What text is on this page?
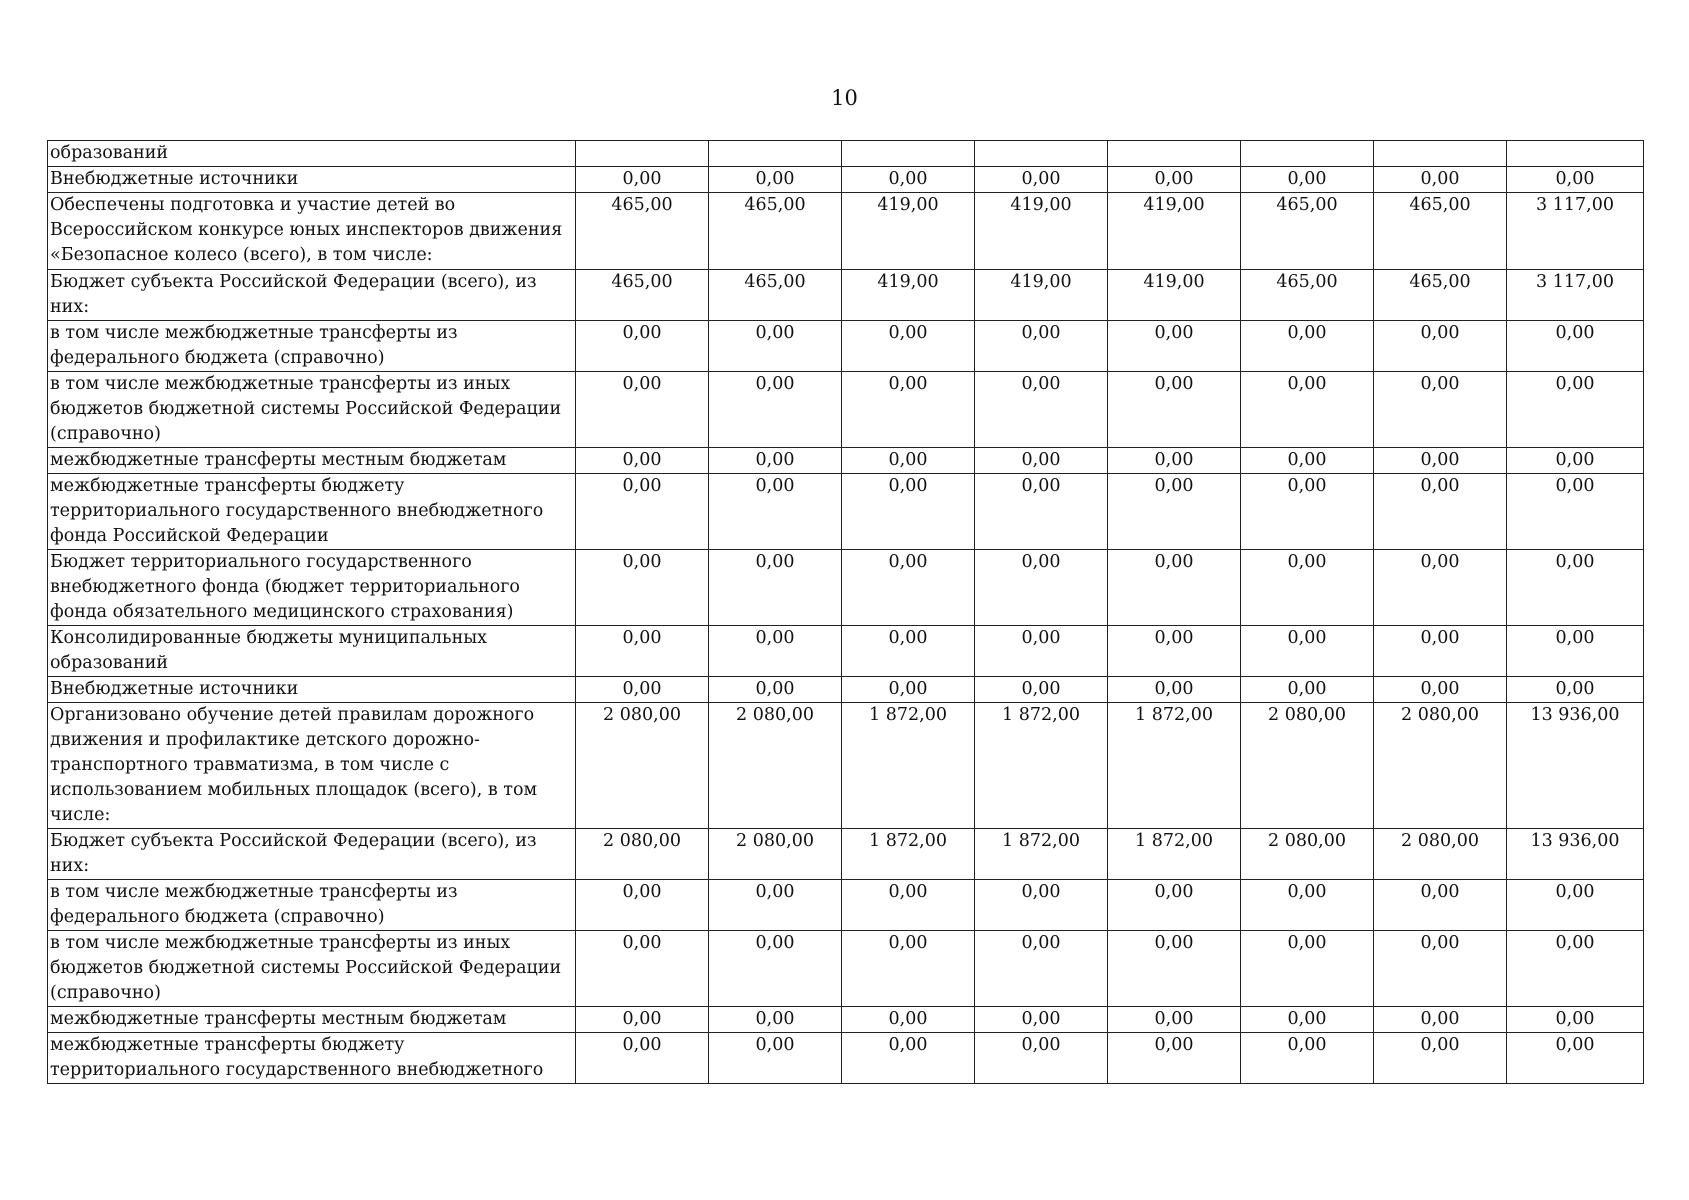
10
образований								
Внебюджетные источники	0,00	0,00	0,00	0,00	0,00	0,00	0,00	0,00
Обеспечены подготовка и участие детей во Всероссийском конкурсе юных инспекторов движения «Безопасное колесо (всего), в том числе:	465,00	465,00	419,00	419,00	419,00	465,00	465,00	3 117,00
Бюджет субъекта Российской Федерации (всего), из них:	465,00	465,00	419,00	419,00	419,00	465,00	465,00	3 117,00
в том числе межбюджетные трансферты из федерального бюджета (справочно)	0,00	0,00	0,00	0,00	0,00	0,00	0,00	0,00
в том числе межбюджетные трансферты из иных бюджетов бюджетной системы Российской Федерации (справочно)	0,00	0,00	0,00	0,00	0,00	0,00	0,00	0,00
межбюджетные трансферты местным бюджетам	0,00	0,00	0,00	0,00	0,00	0,00	0,00	0,00
межбюджетные трансферты бюджету территориального государственного внебюджетного фонда Российской Федерации	0,00	0,00	0,00	0,00	0,00	0,00	0,00	0,00
Бюджет территориального государственного внебюджетного фонда (бюджет территориального фонда обязательного медицинского страхования)	0,00	0,00	0,00	0,00	0,00	0,00	0,00	0,00
Консолидированные бюджеты муниципальных образований	0,00	0,00	0,00	0,00	0,00	0,00	0,00	0,00
Внебюджетные источники	0,00	0,00	0,00	0,00	0,00	0,00	0,00	0,00
Организовано обучение детей правилам дорожного движения и профилактике детского дорожно-транспортного травматизма, в том числе с использованием мобильных площадок (всего), в том числе:	2 080,00	2 080,00	1 872,00	1 872,00	1 872,00	2 080,00	2 080,00	13 936,00
Бюджет субъекта Российской Федерации (всего), из них:	2 080,00	2 080,00	1 872,00	1 872,00	1 872,00	2 080,00	2 080,00	13 936,00
в том числе межбюджетные трансферты из федерального бюджета (справочно)	0,00	0,00	0,00	0,00	0,00	0,00	0,00	0,00
в том числе межбюджетные трансферты из иных бюджетов бюджетной системы Российской Федерации (справочно)	0,00	0,00	0,00	0,00	0,00	0,00	0,00	0,00
межбюджетные трансферты местным бюджетам	0,00	0,00	0,00	0,00	0,00	0,00	0,00	0,00
межбюджетные трансферты бюджету территориального государственного внебюджетного	0,00	0,00	0,00	0,00	0,00	0,00	0,00	0,00
